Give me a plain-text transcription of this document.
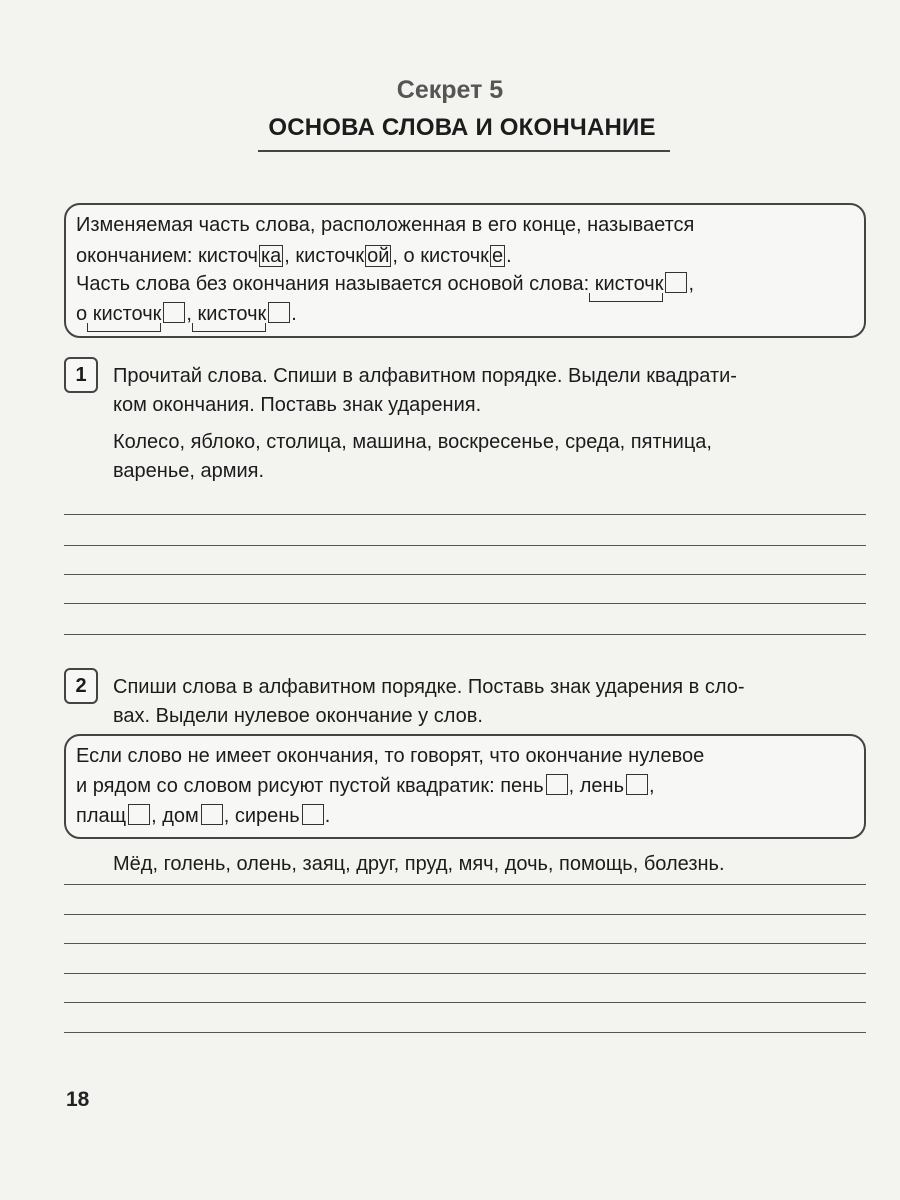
Секрет 5
ОСНОВА СЛОВА И ОКОНЧАНИЕ
Изменяемая часть слова, расположенная в его конце, называется
окончанием: кисточ ка , кисточк ой , о кисточк е .
Часть слова без окончания называется основой слова: кисточк ,
о кисточк , кисточк .
1	Прочитай слова. Спиши в алфавитном порядке. Выдели квадрати-
ком окончания. Поставь знак ударения.
Колесо, яблоко, столица, машина, воскресенье, среда, пятница,
варенье, армия.
2	Спиши слова в алфавитном порядке. Поставь знак ударения в сло-
вах. Выдели нулевое окончание у слов.
Если слово не имеет окончания, то говорят, что окончание нулевое
и рядом со словом рисуют пустой квадратик: пень , лень ,
плащ , дом , сирень .
Мёд, голень, олень, заяц, друг, пруд, мяч, дочь, помощь, болезнь.
18
